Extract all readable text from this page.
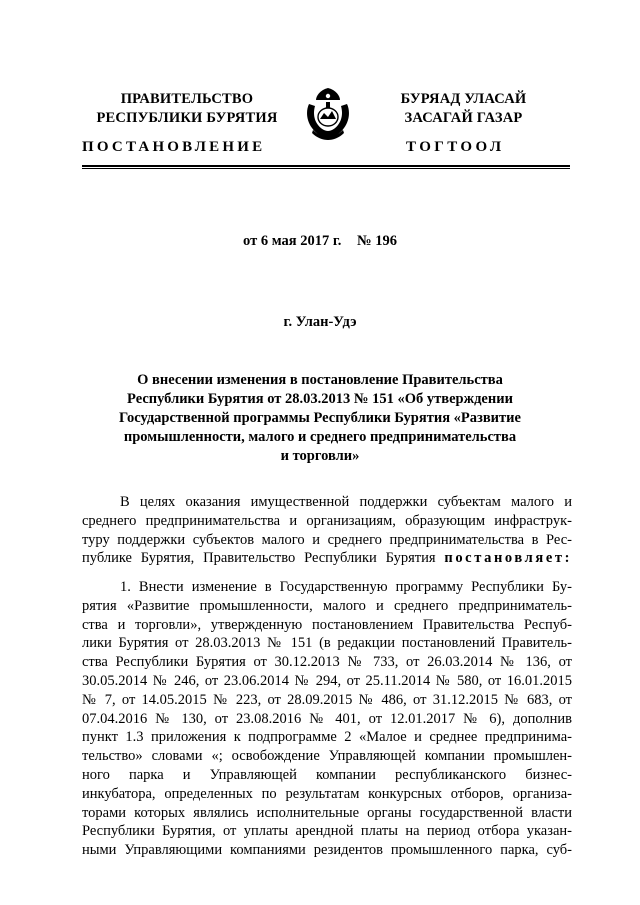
ПРАВИТЕЛЬСТВО
РЕСПУБЛИКИ БУРЯТИЯ
БУРЯАД УЛАСАЙ
ЗАСАГАЙ ГАЗАР
ПОСТАНОВЛЕНИЕ	ТОГТООЛ
от 6 мая 2017 г. № 196
г. Улан-Удэ
О внесении изменения в постановление Правительства
Республики Бурятия от 28.03.2013 № 151 «Об утверждении
Государственной программы Республики Бурятия «Развитие
промышленности, малого и среднего предпринимательства
и торговли»
В целях оказания имущественной поддержки субъектам малого и
среднего предпринимательства и организациям, образующим инфраструк-
туру поддержки субъектов малого и среднего предпринимательства в Рес-
публике Бурятия, Правительство Республики Бурятия постановляет:
1. Внести изменение в Государственную программу Республики Бу-
рятия «Развитие промышленности, малого и среднего предприниматель-
ства и торговли», утвержденную постановлением Правительства Респуб-
лики Бурятия от 28.03.2013 № 151 (в редакции постановлений Правитель-
ства Республики Бурятия от 30.12.2013 № 733, от 26.03.2014 № 136, от
30.05.2014 № 246, от 23.06.2014 № 294, от 25.11.2014 № 580, от 16.01.2015
№ 7, от 14.05.2015 № 223, от 28.09.2015 № 486, от 31.12.2015 № 683, от
07.04.2016 № 130, от 23.08.2016 № 401, от 12.01.2017 № 6), дополнив
пункт 1.3 приложения к подпрограмме 2 «Малое и среднее предпринима-
тельство» словами «; освобождение Управляющей компании промышлен-
ного парка и Управляющей компании республиканского бизнес-
инкубатора, определенных по результатам конкурсных отборов, организа-
торами которых являлись исполнительные органы государственной власти
Республики Бурятия, от уплаты арендной платы на период отбора указан-
ными Управляющими компаниями резидентов промышленного парка, суб-
